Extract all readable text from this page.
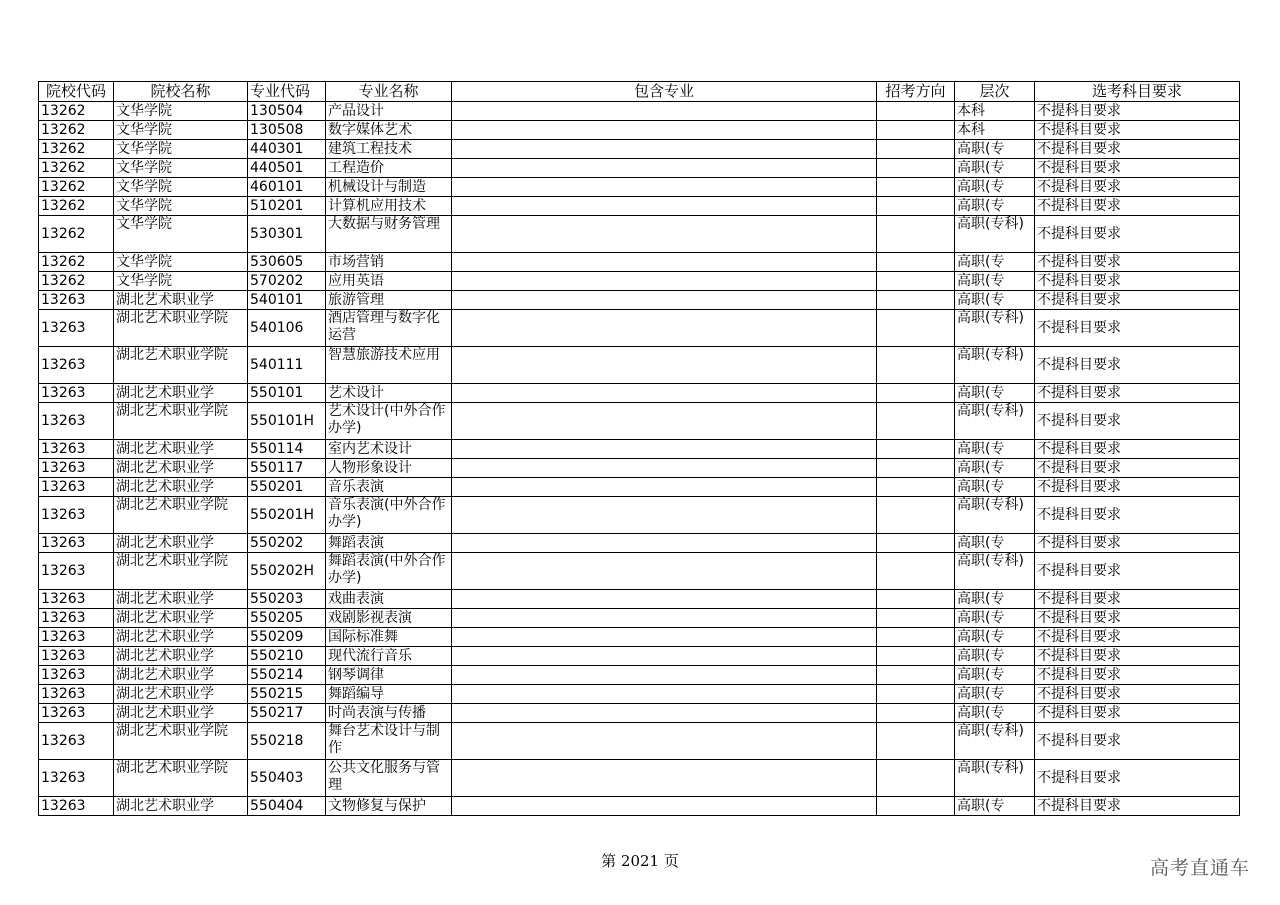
院校代码	院校名称	专业代码	专业名称	包含专业	招考方向	层次	选考科目要求
13262	文华学院	130504	产品设计			本科	不提科目要求
13262	文华学院	130508	数字媒体艺术			本科	不提科目要求
13262	文华学院	440301	建筑工程技术			高职(专	不提科目要求
13262	文华学院	440501	工程造价			高职(专	不提科目要求
13262	文华学院	460101	机械设计与制造			高职(专	不提科目要求
13262	文华学院	510201	计算机应用技术			高职(专	不提科目要求
13262	文华学院	530301	大数据与财务管理			高职(专科)	不提科目要求
13262	文华学院	530605	市场营销			高职(专	不提科目要求
13262	文华学院	570202	应用英语			高职(专	不提科目要求
13263	湖北艺术职业学	540101	旅游管理			高职(专	不提科目要求
13263	湖北艺术职业学院	540106	酒店管理与数字化运营			高职(专科)	不提科目要求
13263	湖北艺术职业学院	540111	智慧旅游技术应用			高职(专科)	不提科目要求
13263	湖北艺术职业学	550101	艺术设计			高职(专	不提科目要求
13263	湖北艺术职业学院	550101H	艺术设计(中外合作办学)			高职(专科)	不提科目要求
13263	湖北艺术职业学	550114	室内艺术设计			高职(专	不提科目要求
13263	湖北艺术职业学	550117	人物形象设计			高职(专	不提科目要求
13263	湖北艺术职业学	550201	音乐表演			高职(专	不提科目要求
13263	湖北艺术职业学院	550201H	音乐表演(中外合作办学)			高职(专科)	不提科目要求
13263	湖北艺术职业学	550202	舞蹈表演			高职(专	不提科目要求
13263	湖北艺术职业学院	550202H	舞蹈表演(中外合作办学)			高职(专科)	不提科目要求
13263	湖北艺术职业学	550203	戏曲表演			高职(专	不提科目要求
13263	湖北艺术职业学	550205	戏剧影视表演			高职(专	不提科目要求
13263	湖北艺术职业学	550209	国际标准舞			高职(专	不提科目要求
13263	湖北艺术职业学	550210	现代流行音乐			高职(专	不提科目要求
13263	湖北艺术职业学	550214	钢琴调律			高职(专	不提科目要求
13263	湖北艺术职业学	550215	舞蹈编导			高职(专	不提科目要求
13263	湖北艺术职业学	550217	时尚表演与传播			高职(专	不提科目要求
13263	湖北艺术职业学院	550218	舞台艺术设计与制作			高职(专科)	不提科目要求
13263	湖北艺术职业学院	550403	公共文化服务与管理			高职(专科)	不提科目要求
13263	湖北艺术职业学	550404	文物修复与保护			高职(专	不提科目要求
第 2021 页	高考直通车
